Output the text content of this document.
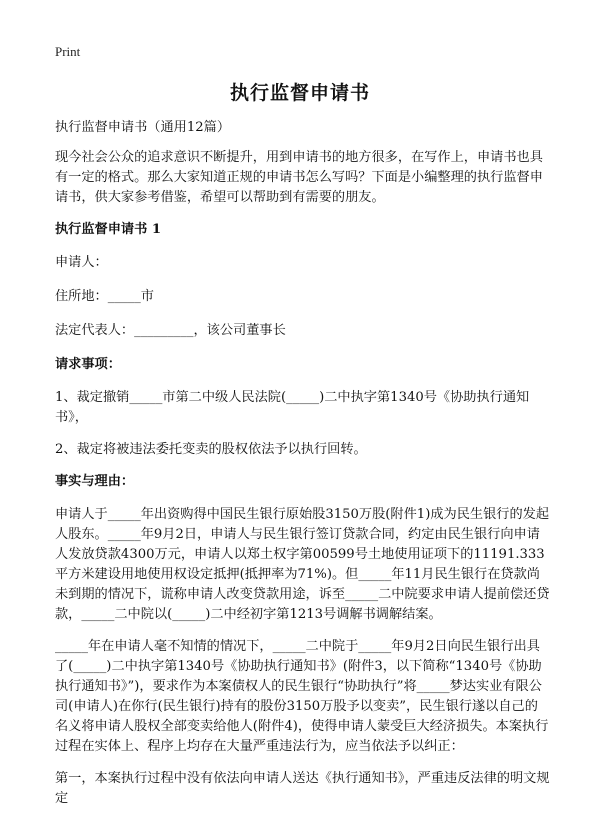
Print
执行监督申请书

执行监督申请书（通用12篇）

现今社会公众的追求意识不断提升，用到申请书的地方很多，在写作上，申请书也具有一定的格式。那么大家知道正规的申请书怎么写吗？下面是小编整理的执行监督申请书，供大家参考借鉴，希望可以帮助到有需要的朋友。

执行监督申请书 1

申请人：

住所地：_____市

法定代表人：_________，该公司董事长

请求事项：

1、裁定撤销_____市第二中级人民法院(_____)二中执字第1340号《协助执行通知书》，

2、裁定将被违法委托变卖的股权依法予以执行回转。

事实与理由：

申请人于_____年出资购得中国民生银行原始股3150万股(附件1)成为民生银行的发起人股东。_____年9月2日，申请人与民生银行签订贷款合同，约定由民生银行向申请人发放贷款4300万元，申请人以郑土权字第00599号土地使用证项下的11191.333平方米建设用地使用权设定抵押(抵押率为71%)。但_____年11月民生银行在贷款尚未到期的情况下，谎称申请人改变贷款用途，诉至_____二中院要求申请人提前偿还贷款，_____二中院以(_____)二中经初字第1213号调解书调解结案。

_____年在申请人毫不知情的情况下，_____二中院于_____年9月2日向民生银行出具了(_____)二中执字第1340号《协助执行通知书》(附件3，以下简称“1340号《协助执行通知书》”)，要求作为本案债权人的民生银行“协助执行”将_____梦达实业有限公司(申请人)在你行(民生银行)持有的股份3150万股予以变卖”，民生银行遂以自己的名义将申请人股权全部变卖给他人(附件4)，使得申请人蒙受巨大经济损失。本案执行过程在实体上、程序上均存在大量严重违法行为，应当依法予以纠正：

第一，本案执行过程中没有依法向申请人送达《执行通知书》，严重违反法律的明文规定
